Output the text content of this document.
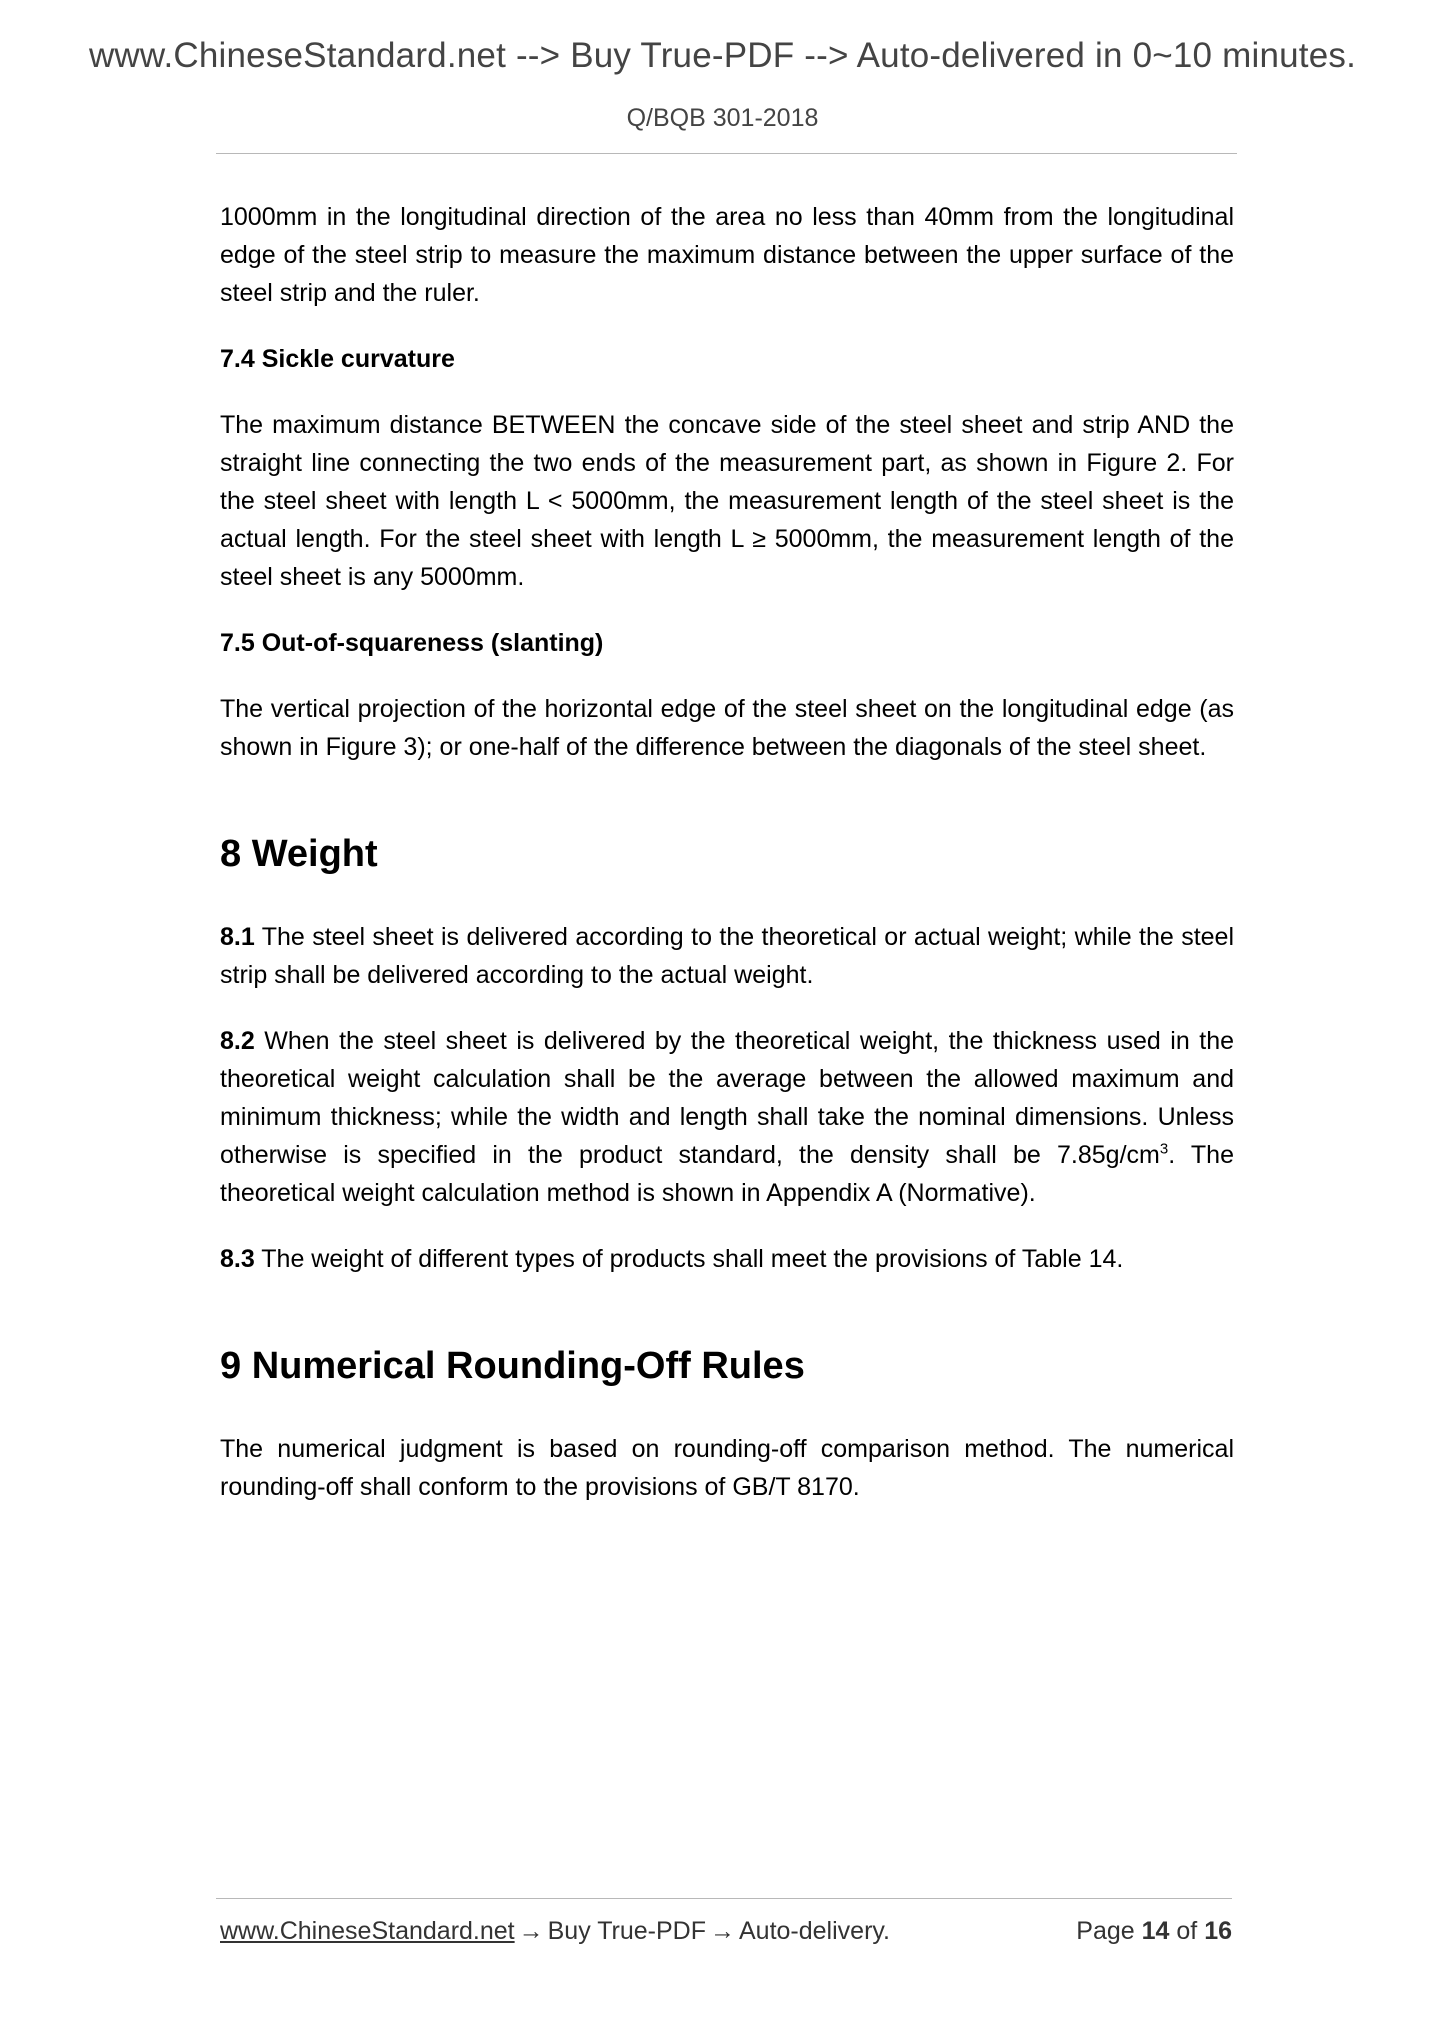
www.ChineseStandard.net --> Buy True-PDF --> Auto-delivered in 0~10 minutes.
Q/BQB 301-2018

1000mm in the longitudinal direction of the area no less than 40mm from the longitudinal edge of the steel strip to measure the maximum distance between the upper surface of the steel strip and the ruler.

7.4 Sickle curvature

The maximum distance BETWEEN the concave side of the steel sheet and strip AND the straight line connecting the two ends of the measurement part, as shown in Figure 2. For the steel sheet with length L < 5000mm, the measurement length of the steel sheet is the actual length. For the steel sheet with length L ≥ 5000mm, the measurement length of the steel sheet is any 5000mm.

7.5 Out-of-squareness (slanting)

The vertical projection of the horizontal edge of the steel sheet on the longitudinal edge (as shown in Figure 3); or one-half of the difference between the diagonals of the steel sheet.

8 Weight

8.1 The steel sheet is delivered according to the theoretical or actual weight; while the steel strip shall be delivered according to the actual weight.

8.2 When the steel sheet is delivered by the theoretical weight, the thickness used in the theoretical weight calculation shall be the average between the allowed maximum and minimum thickness; while the width and length shall take the nominal dimensions. Unless otherwise is specified in the product standard, the density shall be $7.85g/cm^3$. The theoretical weight calculation method is shown in Appendix A (Normative).

8.3 The weight of different types of products shall meet the provisions of Table 14.

9 Numerical Rounding-Off Rules

The numerical judgment is based on rounding-off comparison method. The numerical rounding-off shall conform to the provisions of GB/T 8170.

www.ChineseStandard.net → Buy True-PDF → Auto-delivery.	Page 14 of 16
